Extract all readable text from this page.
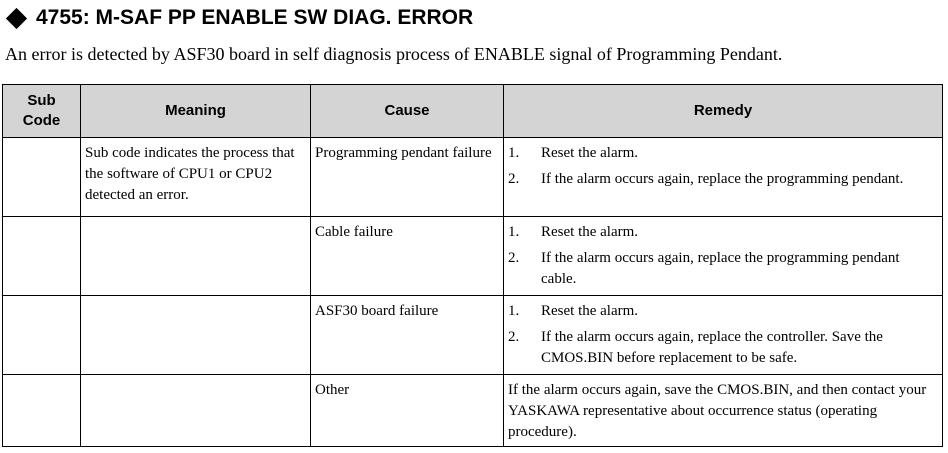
4755: M-SAF PP ENABLE SW DIAG. ERROR
An error is detected by ASF30 board in self diagnosis process of ENABLE signal of Programming Pendant.
Sub
Code	Meaning	Cause	Remedy
	Sub code indicates the process that the software of CPU1 or CPU2 detected an error.	Programming pendant failure	1. Reset the alarm.
2. If the alarm occurs again, replace the programming pendant.

		Cable failure	1. Reset the alarm.
2. If the alarm occurs again, replace the programming pendant cable.

		ASF30 board failure	1. Reset the alarm.
2. If the alarm occurs again, replace the controller. Save the CMOS.BIN before replacement to be safe.

		Other	If the alarm occurs again, save the CMOS.BIN, and then contact your YASKAWA representative about occurrence status (operating procedure).
